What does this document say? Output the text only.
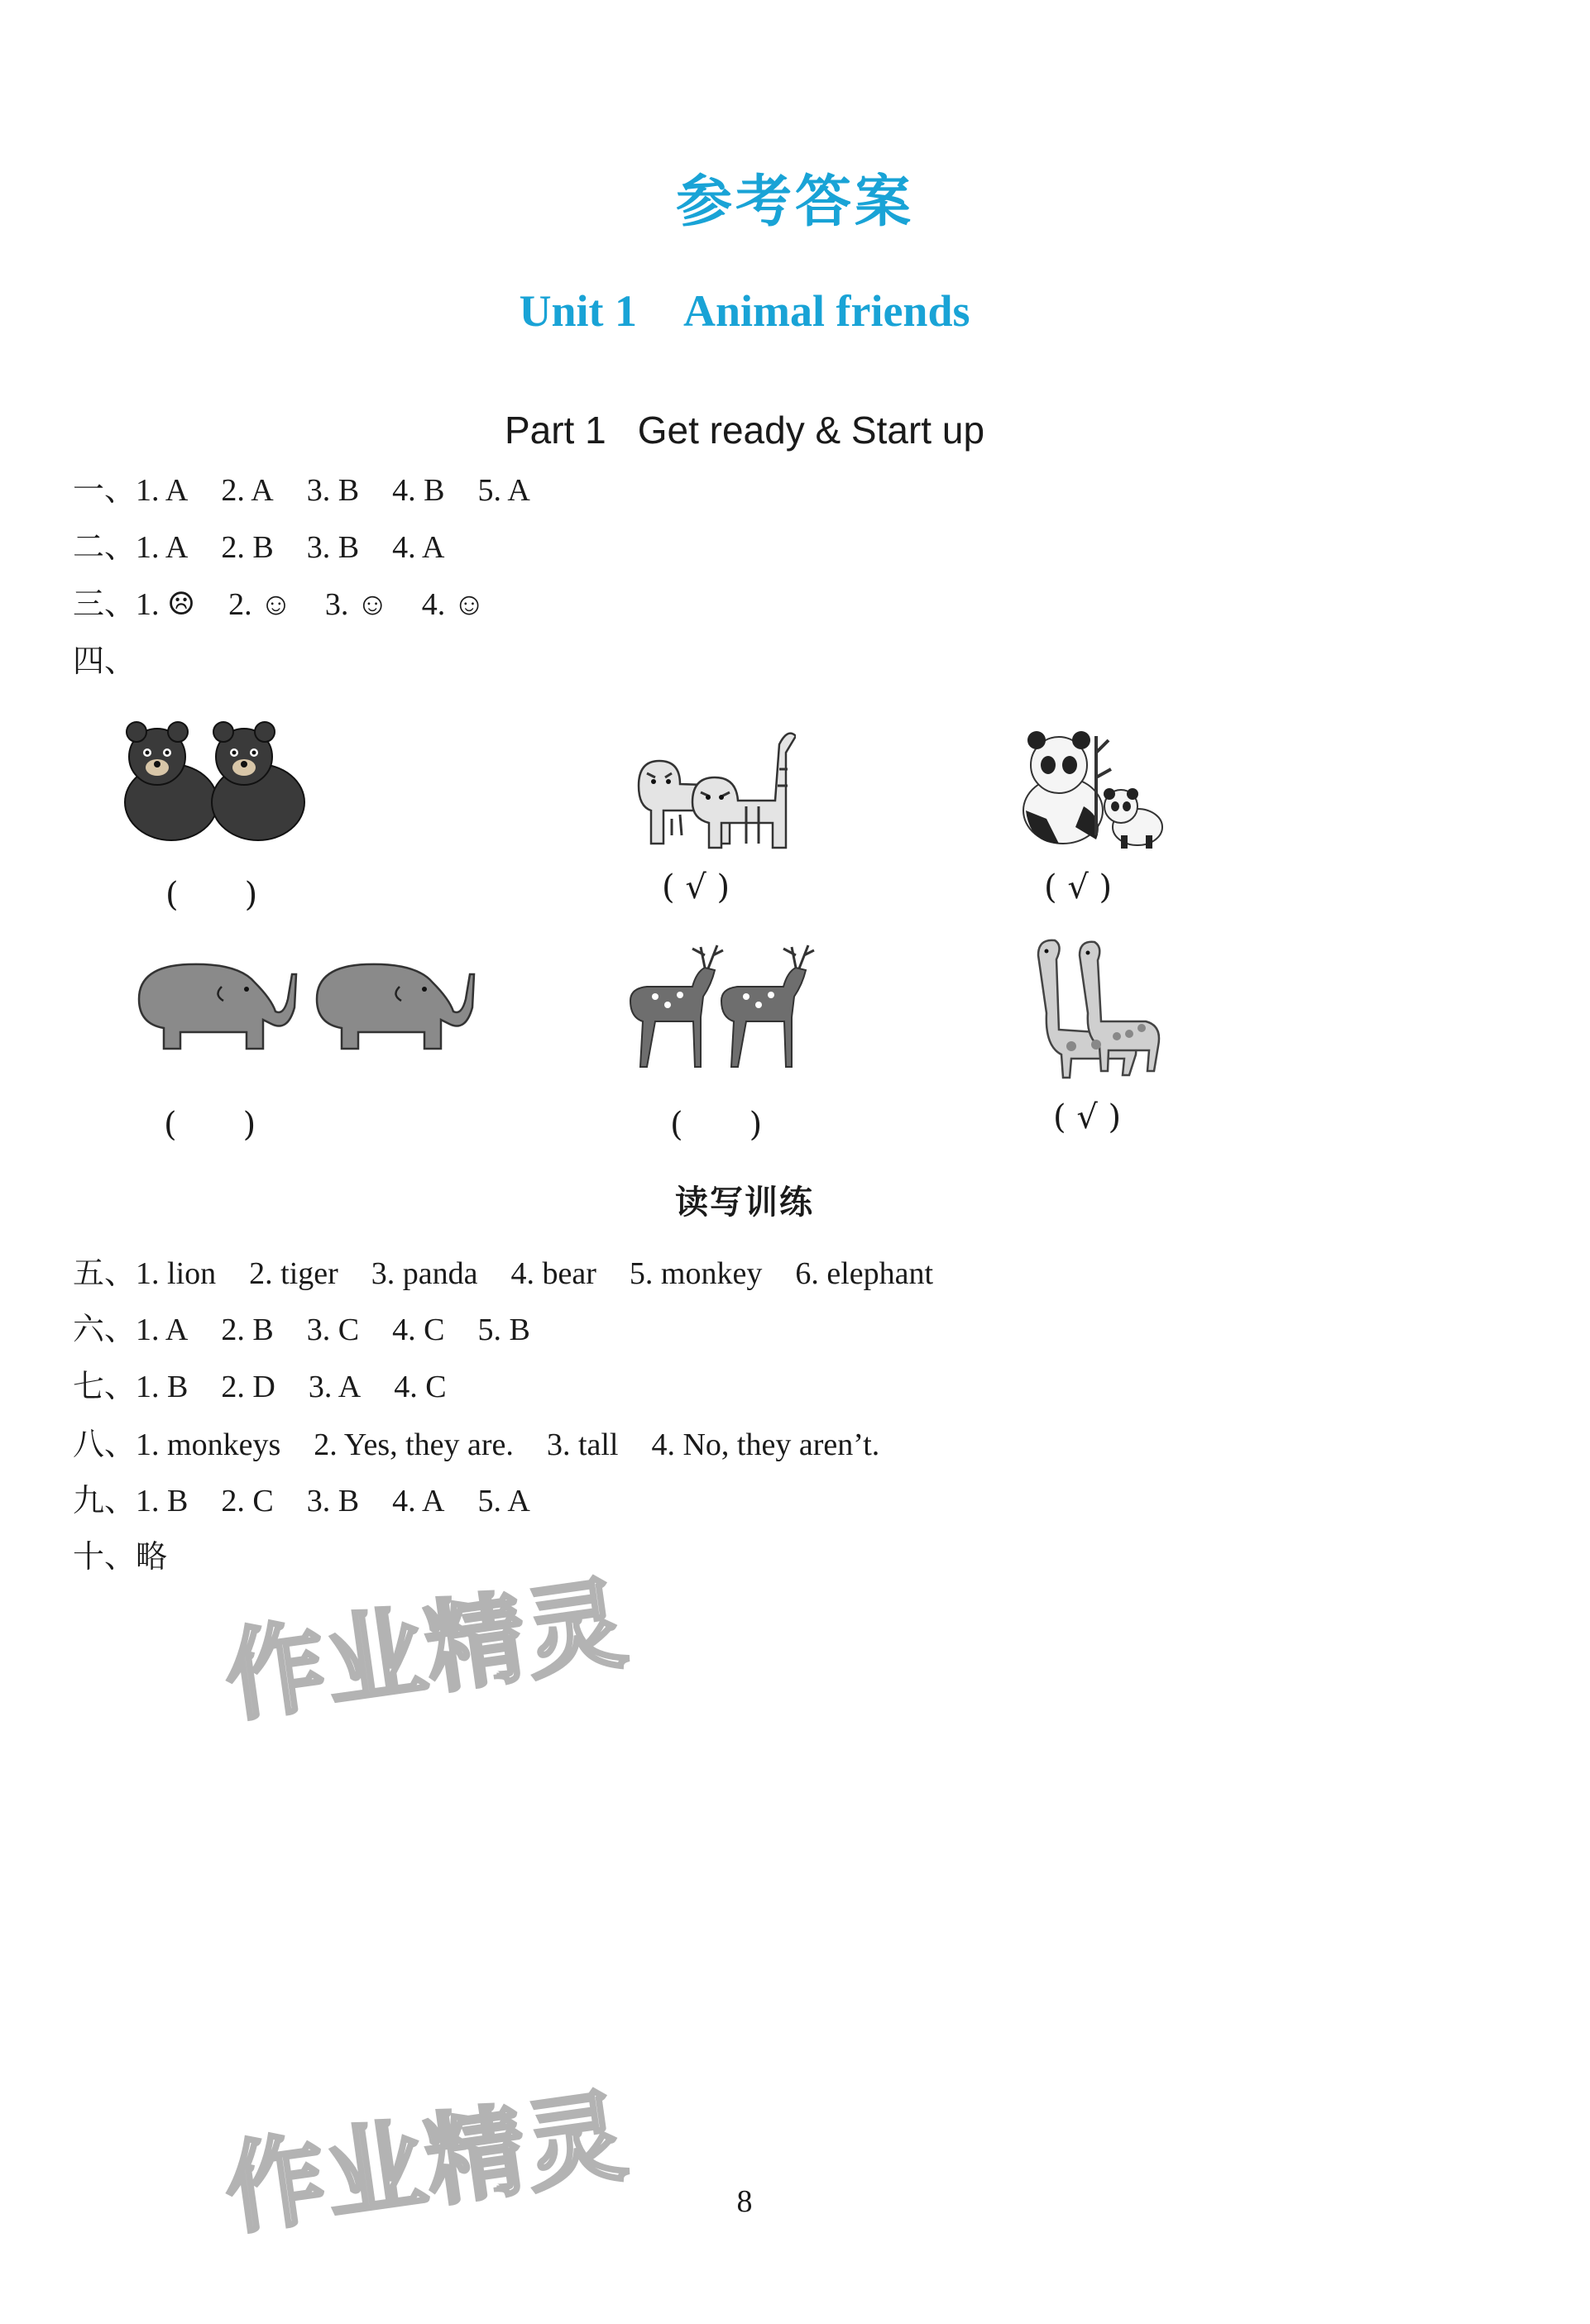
参考答案
Unit 1 Animal friends
Part 1 Get ready & Start up
一、1. A 2. A 3. B 4. B 5. A
二、1. A 2. B 3. B 4. A
三、1. ☹ 2. ☺ 3. ☺ 4. ☺
四、
(　　)	( √ )	( √ )
(　　)	(　　)	( √ )
读写训练
五、1. lion 2. tiger 3. panda 4. bear 5. monkey 6. elephant
六、1. A 2. B 3. C 4. C 5. B
七、1. B 2. D 3. A 4. C
八、1. monkeys 2. Yes, they are. 3. tall 4. No, they aren’t.
九、1. B 2. C 3. B 4. A 5. A
十、略
作业精灵
作业精灵	8
